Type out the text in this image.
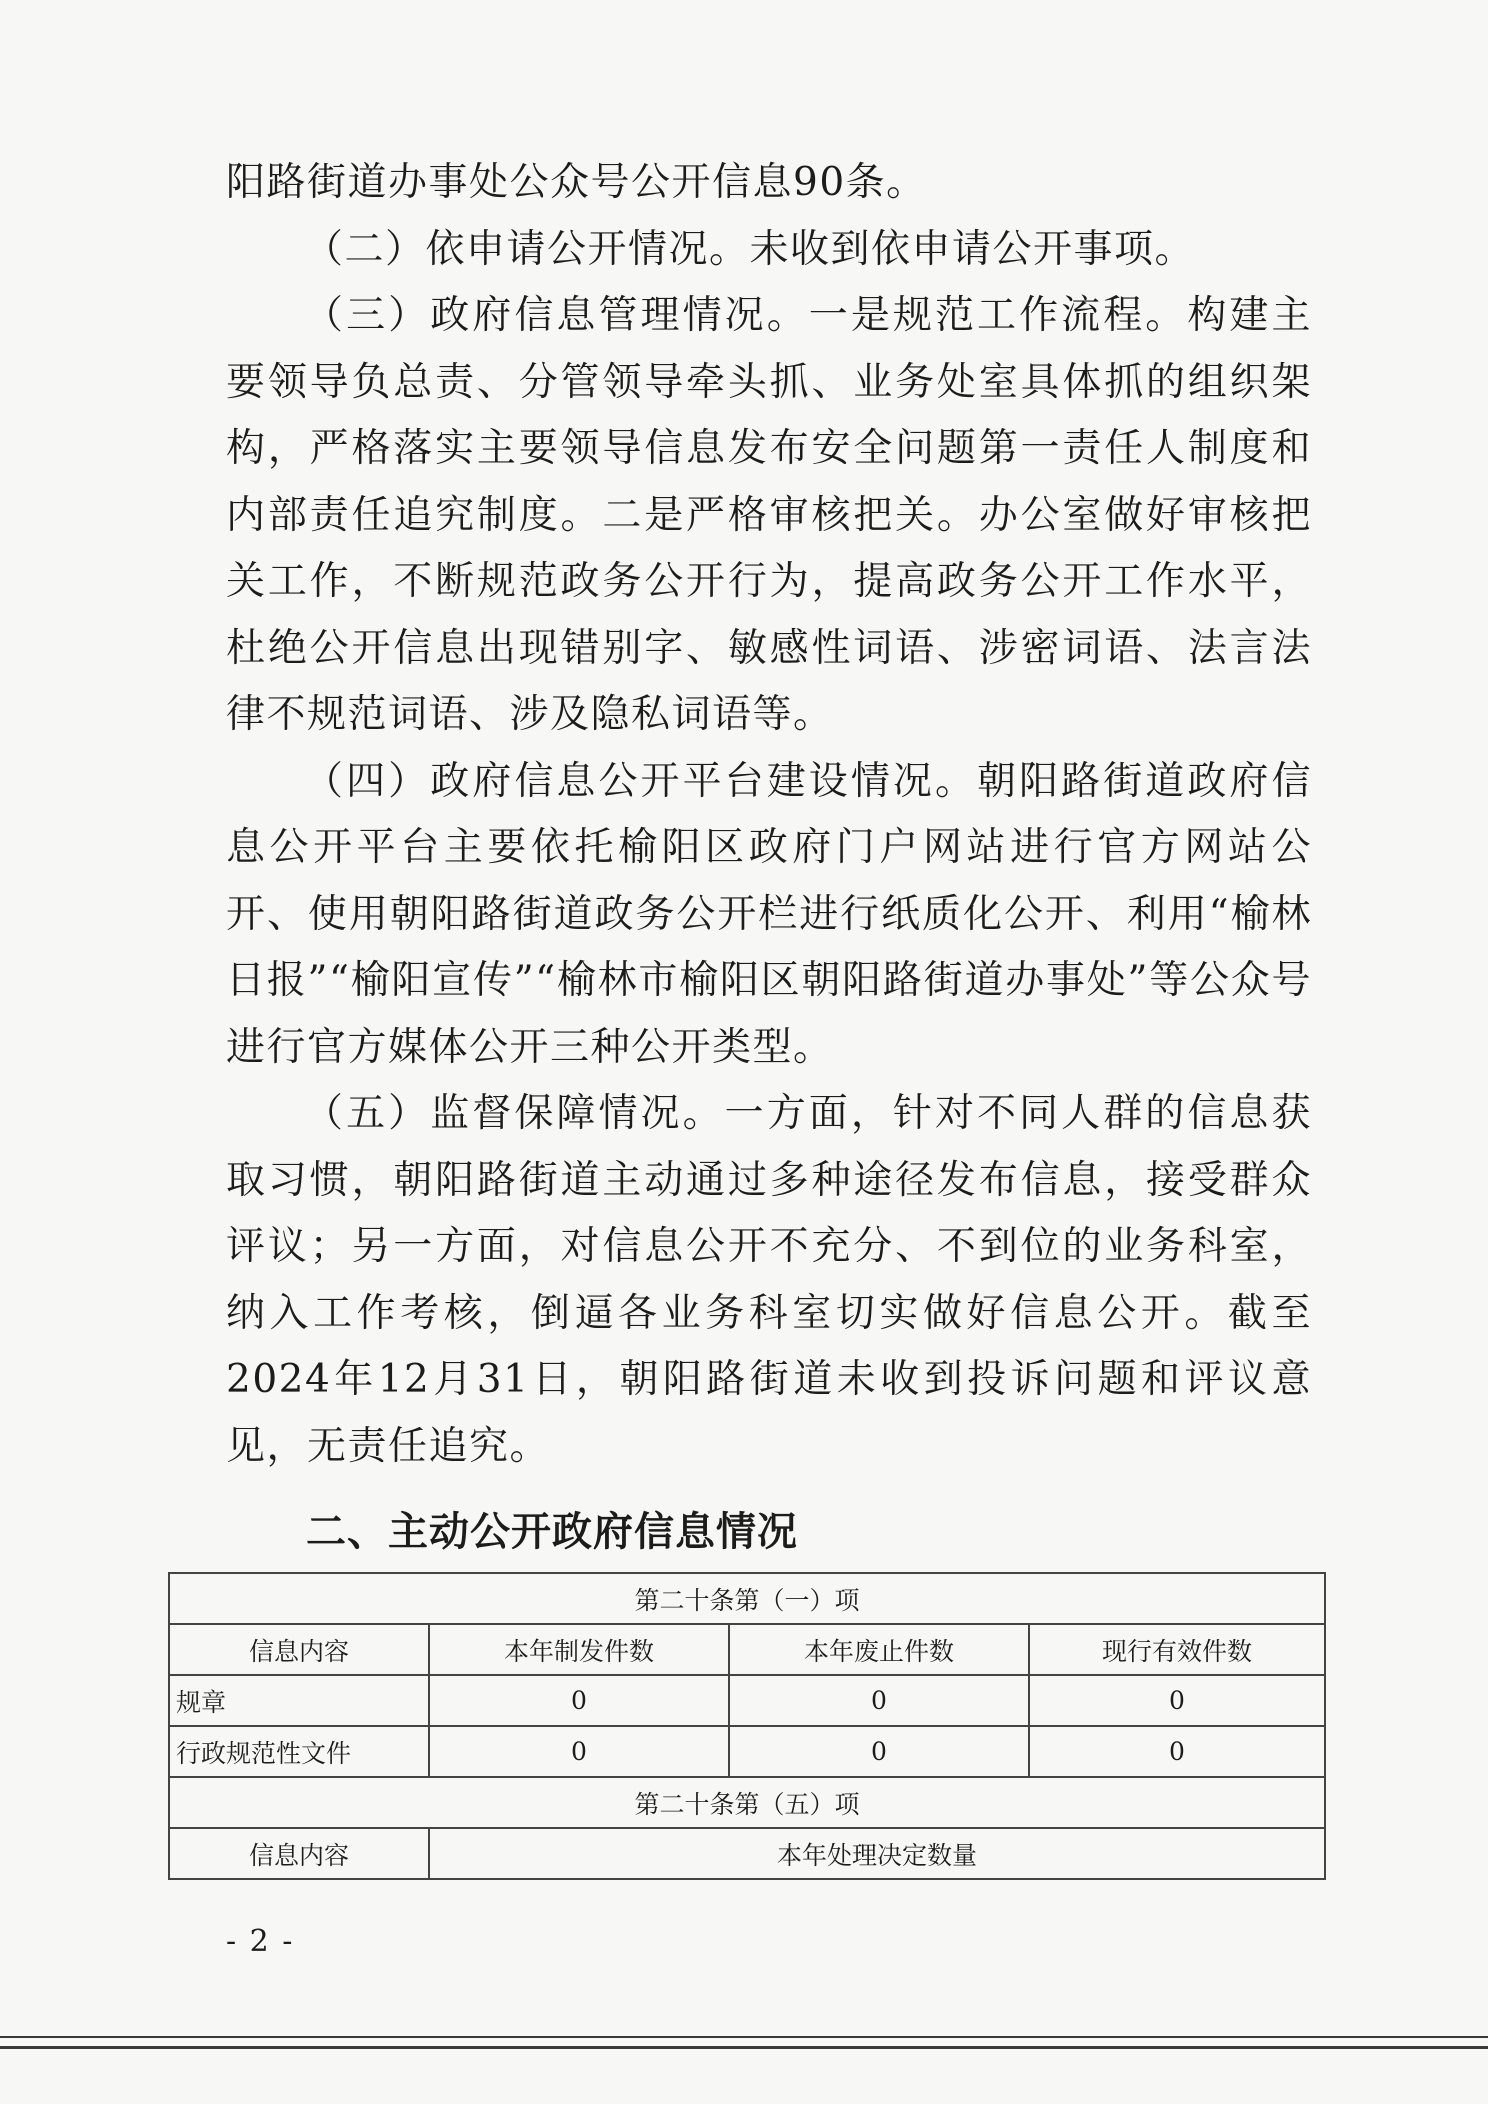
阳路街道办事处公众号公开信息90条。

（二）依申请公开情况。未收到依申请公开事项。

（三）政府信息管理情况。一是规范工作流程。构建主要领导负总责、分管领导牵头抓、业务处室具体抓的组织架构，严格落实主要领导信息发布安全问题第一责任人制度和内部责任追究制度。二是严格审核把关。办公室做好审核把关工作，不断规范政务公开行为，提高政务公开工作水平，杜绝公开信息出现错别字、敏感性词语、涉密词语、法言法律不规范词语、涉及隐私词语等。

（四）政府信息公开平台建设情况。朝阳路街道政府信息公开平台主要依托榆阳区政府门户网站进行官方网站公开、使用朝阳路街道政务公开栏进行纸质化公开、利用“榆林日报”“榆阳宣传”“榆林市榆阳区朝阳路街道办事处”等公众号进行官方媒体公开三种公开类型。

（五）监督保障情况。一方面，针对不同人群的信息获取习惯，朝阳路街道主动通过多种途径发布信息，接受群众评议；另一方面，对信息公开不充分、不到位的业务科室，纳入工作考核，倒逼各业务科室切实做好信息公开。截至2024年12月31日，朝阳路街道未收到投诉问题和评议意见，无责任追究。

二、主动公开政府信息情况
第二十条第（一）项			
信息内容	本年制发件数	本年废止件数	现行有效件数
规章	0	0	0
行政规范性文件	0	0	0
第二十条第（五）项			
信息内容	本年处理决定数量		
- 2 -
